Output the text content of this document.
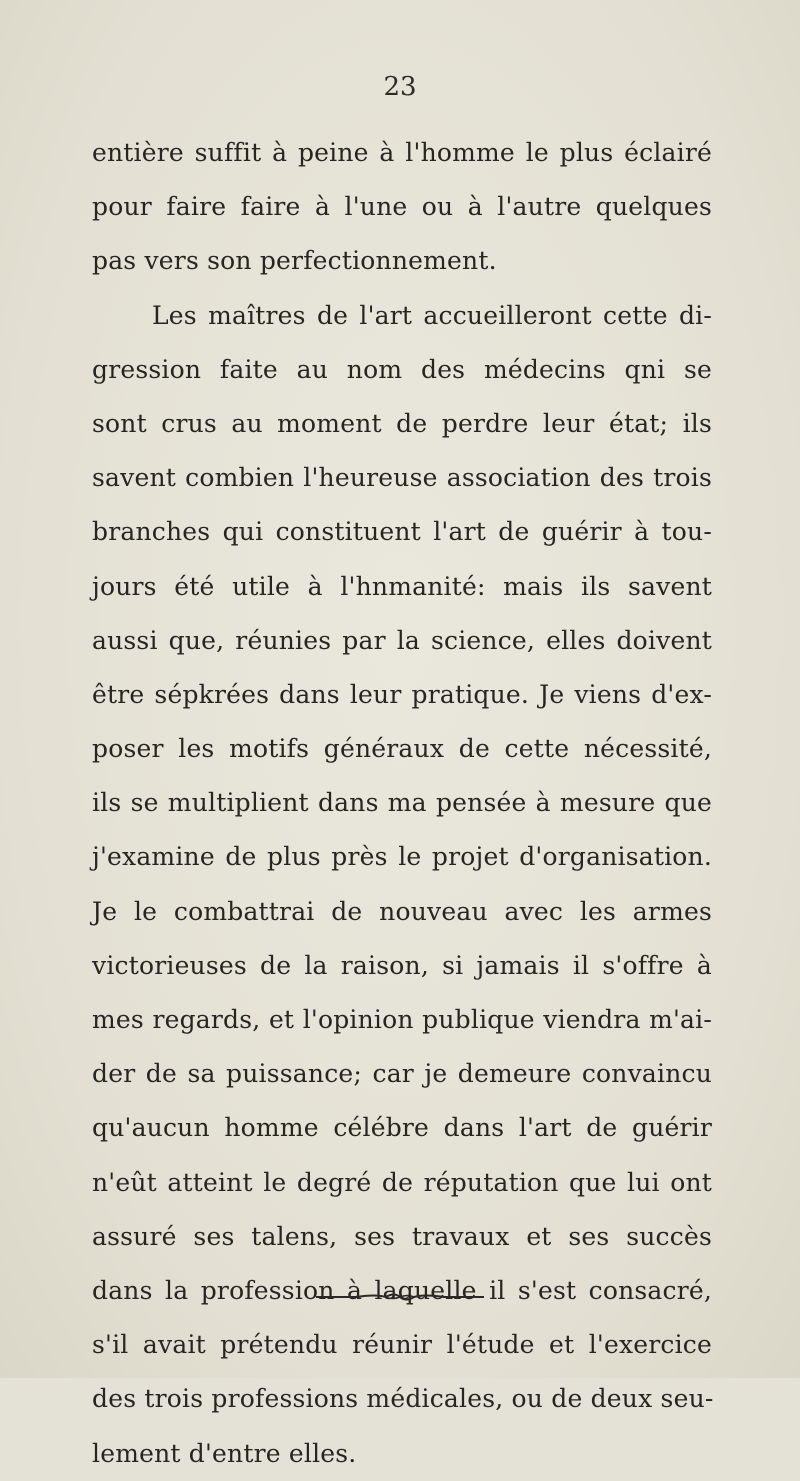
23
entière suffit à peine à l'homme le plus éclairé
pour faire faire à l'une ou à l'autre quelques
pas vers son perfectionnement.
Les maîtres de l'art accueilleront cette di-
gression faite au nom des médecins qni se
sont crus au moment de perdre leur état; ils
savent combien l'heureuse association des trois
branches qui constituent l'art de guérir à tou-
jours été utile à l'hnmanité: mais ils savent
aussi que, réunies par la science, elles doivent
être sépkrées dans leur pratique. Je viens d'ex-
poser les motifs généraux de cette nécessité,
ils se multiplient dans ma pensée à mesure que
j'examine de plus près le projet d'organisation.
Je le combattrai de nouveau avec les armes
victorieuses de la raison, si jamais il s'offre à
mes regards, et l'opinion publique viendra m'ai-
der de sa puissance; car je demeure convaincu
qu'aucun homme célébre dans l'art de guérir
n'eût atteint le degré de réputation que lui ont
assuré ses talens, ses travaux et ses succès
dans la profession à laquelle il s'est consacré,
s'il avait prétendu réunir l'étude et l'exercice
des trois professions médicales, ou de deux seu-
lement d'entre elles.
